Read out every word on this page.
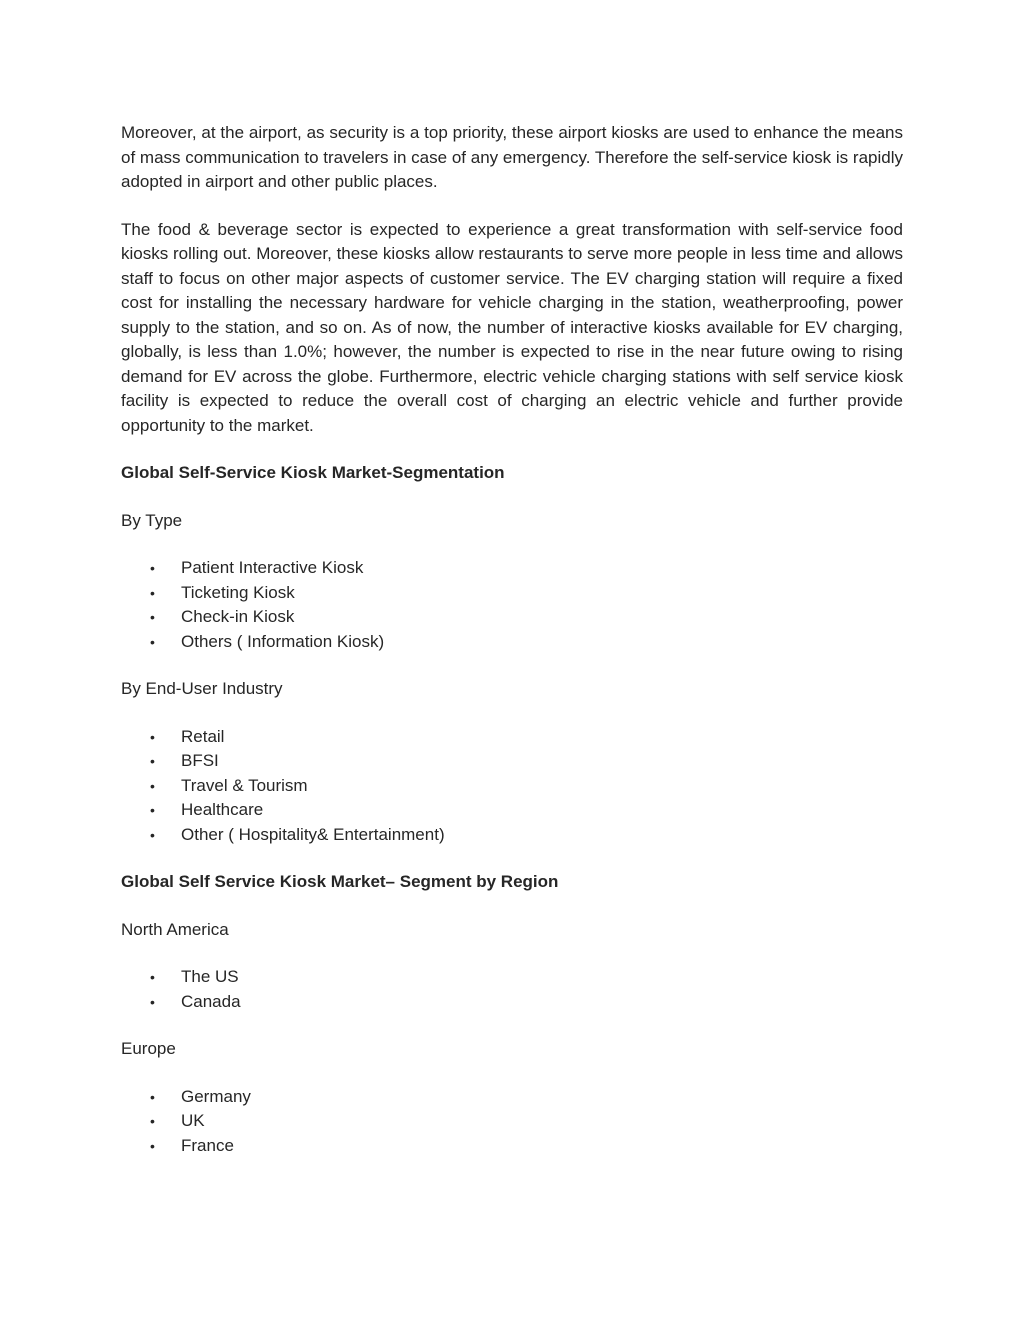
Moreover, at the airport, as security is a top priority, these airport kiosks are used to enhance the means of mass communication to travelers in case of any emergency. Therefore the self-service kiosk is rapidly adopted in airport and other public places.

The food & beverage sector is expected to experience a great transformation with self-service food kiosks rolling out. Moreover, these kiosks allow restaurants to serve more people in less time and allows staff to focus on other major aspects of customer service. The EV charging station will require a fixed cost for installing the necessary hardware for vehicle charging in the station, weatherproofing, power supply to the station, and so on. As of now, the number of interactive kiosks available for EV charging, globally, is less than 1.0%; however, the number is expected to rise in the near future owing to rising demand for EV across the globe. Furthermore, electric vehicle charging stations with self service kiosk facility is expected to reduce the overall cost of charging an electric vehicle and further provide opportunity to the market.

Global Self-Service Kiosk Market-Segmentation
By Type
• Patient Interactive Kiosk
• Ticketing Kiosk
• Check-in Kiosk
• Others ( Information Kiosk)
By End-User Industry
• Retail
• BFSI
• Travel & Tourism
• Healthcare
• Other ( Hospitality& Entertainment)
Global Self Service Kiosk Market– Segment by Region
North America
• The US
• Canada
Europe
• Germany
• UK
• France
